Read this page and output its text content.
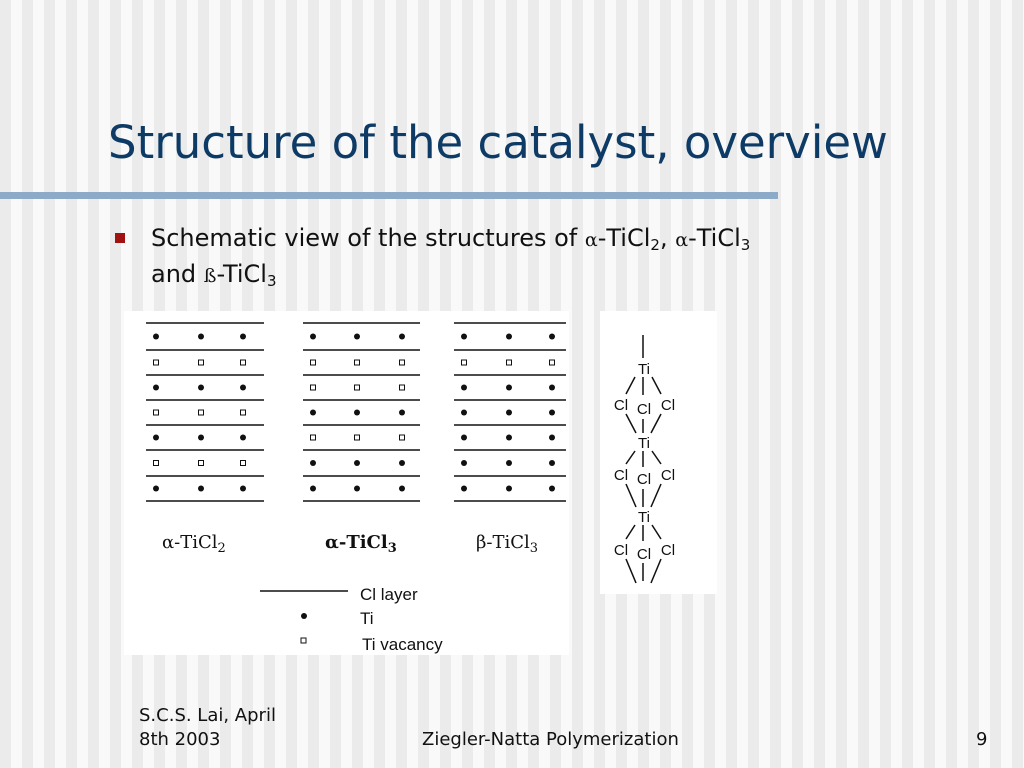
Structure of the catalyst, overview

Schematic view of the structures of α-TiCl$_2$, α-TiCl$_3$
and ß-TiCl$_3$

α-TiCl$_2$	α-TiCl$_3$	β-TiCl$_3$
Cl layer
Ti
Ti vacancy
Ti
Cl Cl Cl
Ti
Cl Cl Cl
Ti
Cl Cl Cl

S.C.S. Lai, April
8th 2003	Ziegler-Natta Polymerization	9
